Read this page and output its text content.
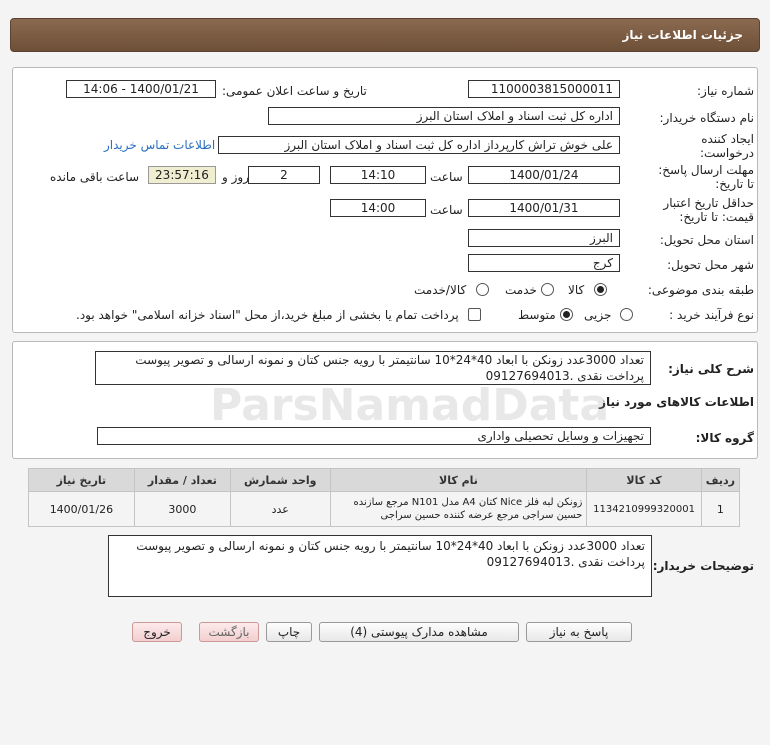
جزئیات اطلاعات نیاز
شماره نیاز:
1100003815000011
تاریخ و ساعت اعلان عمومی:
1400/01/21 - 14:06
نام دستگاه خریدار:
اداره کل ثبت اسناد و املاک استان البرز
ایجاد کننده
درخواست:
علی خوش تراش کارپرداز اداره کل ثبت اسناد و املاک استان البرز
اطلاعات تماس خریدار
مهلت ارسال پاسخ:
تا تاریخ:
1400/01/24
ساعت
14:10
2
روز و
23:57:16
ساعت باقی مانده
حداقل تاریخ اعتبار
قیمت: تا تاریخ:
1400/01/31
ساعت
14:00
استان محل تحویل:
البرز
شهر محل تحویل:
کرج
طبقه بندی موضوعی:
کالا
خدمت
کالا/خدمت
نوع فرآیند خرید :
جزیی
متوسط
پرداخت تمام یا بخشی از مبلغ خرید،از محل "اسناد خزانه اسلامی" خواهد بود.
شرح کلی نیاز:
تعداد 3000عدد زونکن با ابعاد 40*24*10 سانتیمتر با رویه جنس کتان و نمونه ارسالی و تصویر پیوست پرداخت نقدی .09127694013
اطلاعات کالاهای مورد نیاز
گروه کالا:
تجهیزات و وسایل تحصیلی واداری
ردیف	کد کالا	نام کالا	واحد شمارش	تعداد / مقدار	تاریخ نیاز
1	1134210999320001	زونکن لبه فلز Nice کتان A4 مدل N101 مرجع سازنده حسین سراجی مرجع عرضه کننده حسین سراجی	عدد	3000	1400/01/26
توضیحات خریدار:
تعداد 3000عدد زونکن با ابعاد 40*24*10 سانتیمتر با رویه جنس کتان و نمونه ارسالی و تصویر پیوست پرداخت نقدی .09127694013
پاسخ به نیاز
مشاهده مدارک پیوستی (4)
چاپ
بازگشت
خروج
ParsNamadData
